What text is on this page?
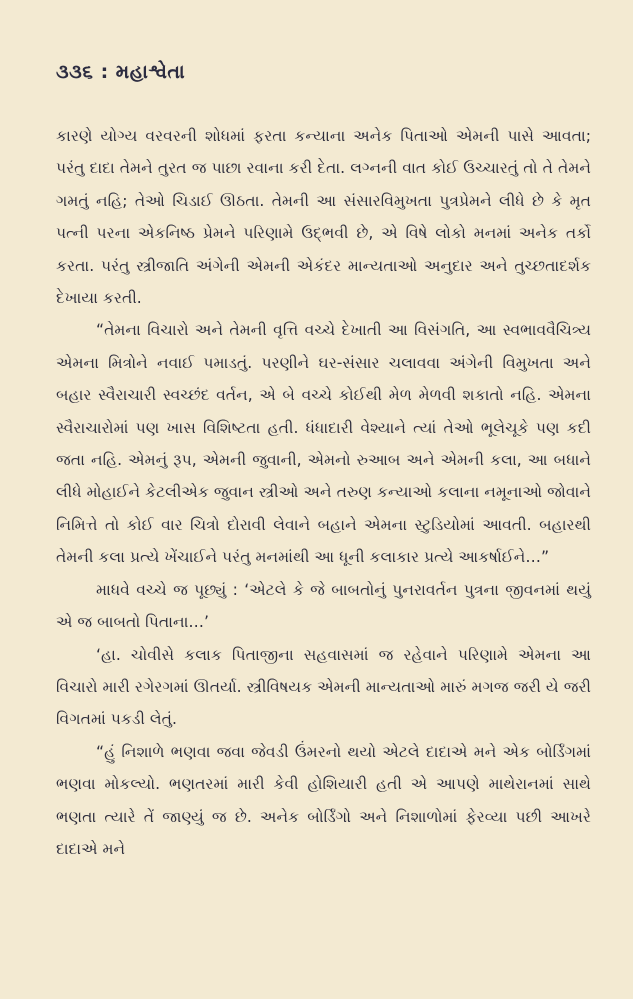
૩૩૬ : મહાશ્વેતા

કારણે યોગ્ય વરવરની શોધમાં ફરતા કન્યાના અનેક પિતાઓ એમની પાસે આવતા; પરંતુ દાદા તેમને તુરત જ પાછા રવાના કરી દેતા. લગ્નની વાત કોઈ ઉચ્ચારતું તો તે તેમને ગમતું નહિ; તેઓ ચિડાઈ ઊઠતા. તેમની આ સંસારવિમુખતા પુત્રપ્રેમને લીધે છે કે મૃત પત્ની પરના એકનિષ્ઠ પ્રેમને પરિણામે ઉદ્‌ભવી છે, એ વિષે લોકો મનમાં અનેક તર્કો કરતા. પરંતુ સ્ત્રીજાતિ અંગેની એમની એકંદર માન્યતાઓ અનુદાર અને તુચ્છતાદર્શક દેખાયા કરતી.

“તેમના વિચારો અને તેમની વૃત્તિ વચ્ચે દેખાતી આ વિસંગતિ, આ સ્વભાવવૈચિત્ર્ય એમના મિત્રોને નવાઈ પમાડતું. પરણીને ઘર-સંસાર ચલાવવા અંગેની વિમુખતા અને બહાર સ્વૈરાચારી સ્વચ્છંદ વર્તન, એ બે વચ્ચે કોઈથી મેળ મેળવી શકાતો નહિ. એમના સ્વૈરાચારોમાં પણ ખાસ વિશિષ્ટતા હતી. ધંધાદારી વેશ્યાને ત્યાં તેઓ ભૂલેચૂકે પણ કદી જતા નહિ. એમનું રૂપ, એમની જુવાની, એમનો રુઆબ અને એમની કલા, આ બધાને લીધે મોહાઈને કેટલીએક જુવાન સ્ત્રીઓ અને તરુણ કન્યાઓ કલાના નમૂનાઓ જોવાને નિમિત્તે તો કોઈ વાર ચિત્રો દોરાવી લેવાને બહાને એમના સ્ટુડિયોમાં આવતી. બહારથી તેમની કલા પ્રત્યે ખેંચાઈને પરંતુ મનમાંથી આ ધૂની કલાકાર પ્રત્યે આકર્ષાઈને…”

માધવે વચ્ચે જ પૂછ્યું : ‘એટલે કે જે બાબતોનું પુનરાવર્તન પુત્રના જીવનમાં થયું એ જ બાબતો પિતાના…’

‘હા. ચોવીસે કલાક પિતાજીના સહવાસમાં જ રહેવાને પરિણામે એમના આ વિચારો મારી રગેરગમાં ઊતર્યા. સ્ત્રીવિષયક એમની માન્યતાઓ મારું મગજ જરી યે જરી વિગતમાં પકડી લેતું.

“હું નિશાળે ભણવા જવા જેવડી ઉંમરનો થયો એટલે દાદાએ મને એક બોર્ડિંગમાં ભણવા મોકલ્યો. ભણતરમાં મારી કેવી હોશિયારી હતી એ આપણે માથેરાનમાં સાથે ભણતા ત્યારે તેં જાણ્યું જ છે. અનેક બોર્ડિંગો અને નિશાળોમાં ફેરવ્યા પછી આખરે દાદાએ મને
